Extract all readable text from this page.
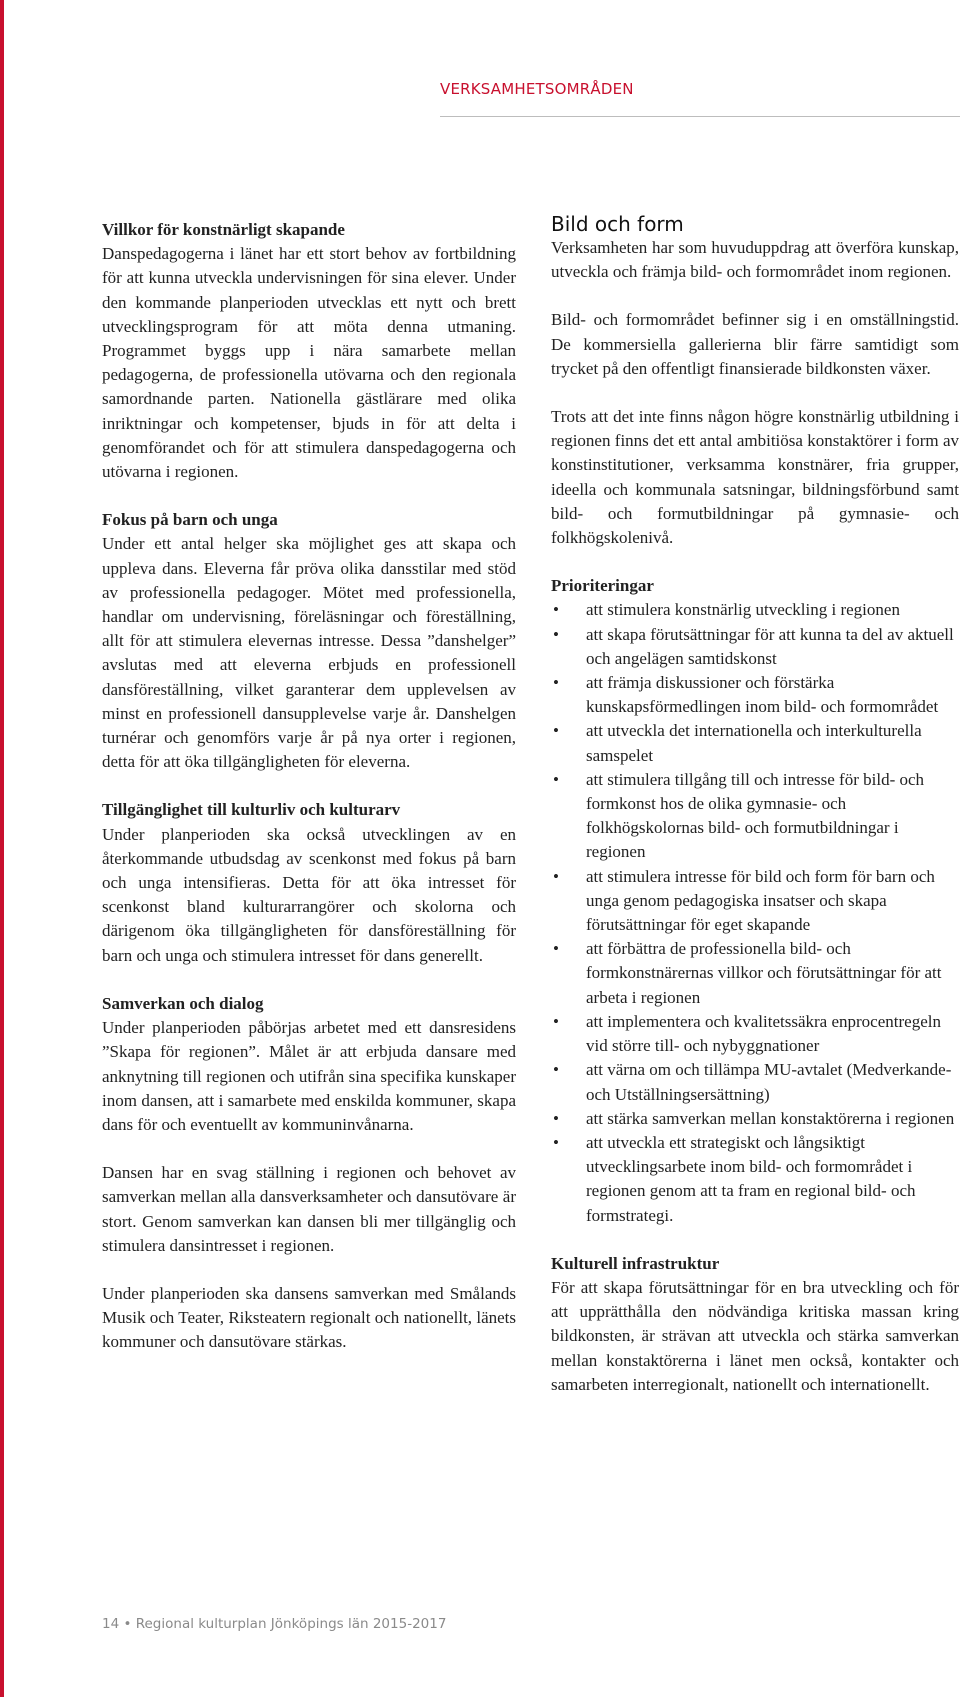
VERKSAMHETSOMRÅDEN
Villkor för konstnärligt skapande

Danspedagogerna i länet har ett stort behov av fortbildning för att kunna utveckla undervisningen för sina elever. Under den kommande planperioden utvecklas ett nytt och brett utvecklingsprogram för att möta denna utmaning. Programmet byggs upp i nära samarbete mellan pedagogerna, de professionella utövarna och den regionala samordnande parten. Nationella gästlärare med olika inriktningar och kompetenser, bjuds in för att delta i genomförandet och för att stimulera danspedagogerna och utövarna i regionen.

Fokus på barn och unga

Under ett antal helger ska möjlighet ges att skapa och uppleva dans. Eleverna får pröva olika dansstilar med stöd av professionella pedagoger. Mötet med professionella, handlar om undervisning, föreläsningar och föreställning, allt för att stimulera elevernas intresse. Dessa ”danshelger” avslutas med att eleverna erbjuds en professionell dansföreställning, vilket garanterar dem upplevelsen av minst en professionell dansupplevelse varje år. Danshelgen turnérar och genomförs varje år på nya orter i regionen, detta för att öka tillgängligheten för eleverna.

Tillgänglighet till kulturliv och kulturarv

Under planperioden ska också utvecklingen av en återkommande utbudsdag av scenkonst med fokus på barn och unga intensifieras. Detta för att öka intresset för scenkonst bland kulturarrangörer och skolorna och därigenom öka tillgängligheten för dansföreställning för barn och unga och stimulera intresset för dans generellt.

Samverkan och dialog

Under planperioden påbörjas arbetet med ett dansresidens ”Skapa för regionen”. Målet är att erbjuda dansare med anknytning till regionen och utifrån sina specifika kunskaper inom dansen, att i samarbete med enskilda kommuner, skapa dans för och eventuellt av kommuninvånarna.

Dansen har en svag ställning i regionen och behovet av samverkan mellan alla dansverksamheter och dansutövare är stort. Genom samverkan kan dansen bli mer tillgänglig och stimulera dansintresset i regionen.

Under planperioden ska dansens samverkan med Smålands Musik och Teater, Riksteatern regionalt och nationellt, länets kommuner och dansutövare stärkas.

Bild och form

Verksamheten har som huvuduppdrag att överföra kunskap, utveckla och främja bild- och formområdet inom regionen.

Bild- och formområdet befinner sig i en omställningstid. De kommersiella gallerierna blir färre samtidigt som trycket på den offentligt finansierade bildkonsten växer.

Trots att det inte finns någon högre konstnärlig utbildning i regionen finns det ett antal ambitiösa konstaktörer i form av konstinstitutioner, verksamma konstnärer, fria grupper, ideella och kommunala satsningar, bildningsförbund samt bild- och formutbildningar på gymnasie- och folkhögskolenivå.

Prioriteringar
• att stimulera konstnärlig utveckling i regionen
• att skapa förutsättningar för att kunna ta del av aktuell och angelägen samtidskonst
• att främja diskussioner och förstärka kunskapsförmedlingen inom bild- och formområdet
• att utveckla det internationella och interkulturella samspelet
• att stimulera tillgång till och intresse för bild- och formkonst hos de olika gymnasie- och folkhögskolornas bild- och formutbildningar i regionen
• att stimulera intresse för bild och form för barn och unga genom pedagogiska insatser och skapa förutsättningar för eget skapande
• att förbättra de professionella bild- och formkonstnärernas villkor och förutsättningar för att arbeta i regionen
• att implementera och kvalitetssäkra enprocentregeln vid större till- och nybyggnationer
• att värna om och tillämpa MU-avtalet (Medverkande- och Utställningsersättning)
• att stärka samverkan mellan konstaktörerna i regionen
• att utveckla ett strategiskt och långsiktigt utvecklingsarbete inom bild- och formområdet i regionen genom att ta fram en regional bild- och formstrategi.
Kulturell infrastruktur

För att skapa förutsättningar för en bra utveckling och för att upprätthålla den nödvändiga kritiska massan kring bildkonsten, är strävan att utveckla och stärka samverkan mellan konstaktörerna i länet men också, kontakter och samarbeten interregionalt, nationellt och internationellt.

14 • Regional kulturplan Jönköpings län 2015-2017
